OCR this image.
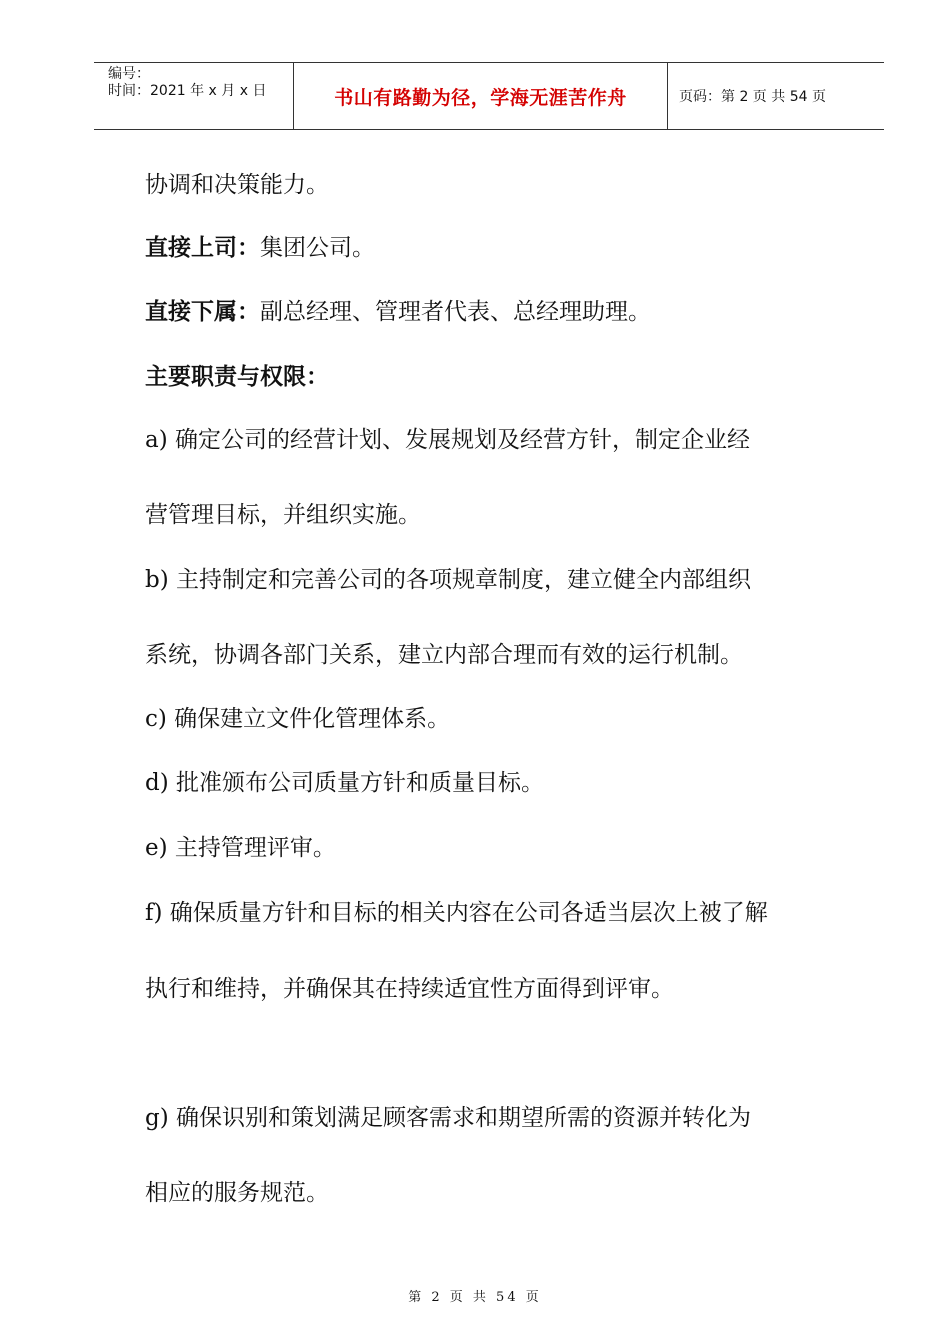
编号：
时间：2021 年 x 月 x 日	书山有路勤为径，学海无涯苦作舟	页码：第 2 页 共 54 页
协调和决策能力。
直接上司：集团公司。
直接下属：副总经理、管理者代表、总经理助理。
主要职责与权限：
a) 确定公司的经营计划、发展规划及经营方针，制定企业经
营管理目标，并组织实施。
b) 主持制定和完善公司的各项规章制度，建立健全内部组织
系统，协调各部门关系，建立内部合理而有效的运行机制。
c) 确保建立文件化管理体系。
d) 批准颁布公司质量方针和质量目标。
e) 主持管理评审。
f) 确保质量方针和目标的相关内容在公司各适当层次上被了解
执行和维持，并确保其在持续适宜性方面得到评审。
g) 确保识别和策划满足顾客需求和期望所需的资源并转化为
相应的服务规范。
第 2 页 共 54 页
